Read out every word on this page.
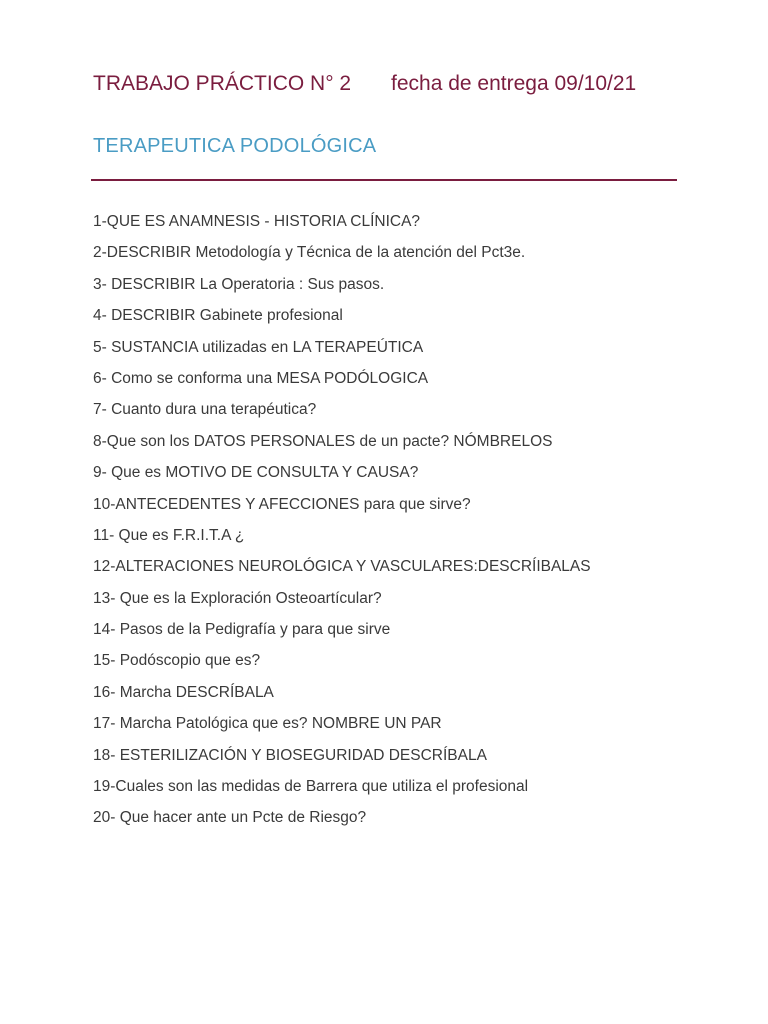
TRABAJO PRÁCTICO N° 2 fecha de entrega 09/10/21
TERAPEUTICA PODOLÓGICA
1-QUE ES ANAMNESIS - HISTORIA CLÍNICA?
2-DESCRIBIR Metodología y Técnica de la atención del Pct3e.
3- DESCRIBIR La Operatoria : Sus pasos.
4- DESCRIBIR Gabinete profesional
5- SUSTANCIA utilizadas en LA TERAPEÚTICA
6- Como se conforma una MESA PODÓLOGICA
7- Cuanto dura una terapéutica?
8-Que son los DATOS PERSONALES de un pacte? NÓMBRELOS
9- Que es MOTIVO DE CONSULTA Y CAUSA?
10-ANTECEDENTES Y AFECCIONES para que sirve?
11- Que es F.R.I.T.A ¿
12-ALTERACIONES NEUROLÓGICA Y VASCULARES:DESCRÍIBALAS
13- Que es la Exploración Osteoartícular?
14- Pasos de la Pedigrafía y para que sirve
15- Podóscopio que es?
16- Marcha DESCRÍBALA
17- Marcha Patológica que es? NOMBRE UN PAR
18- ESTERILIZACIÓN Y BIOSEGURIDAD DESCRÍBALA
19-Cuales son las medidas de Barrera que utiliza el profesional
20- Que hacer ante un Pcte de Riesgo?
